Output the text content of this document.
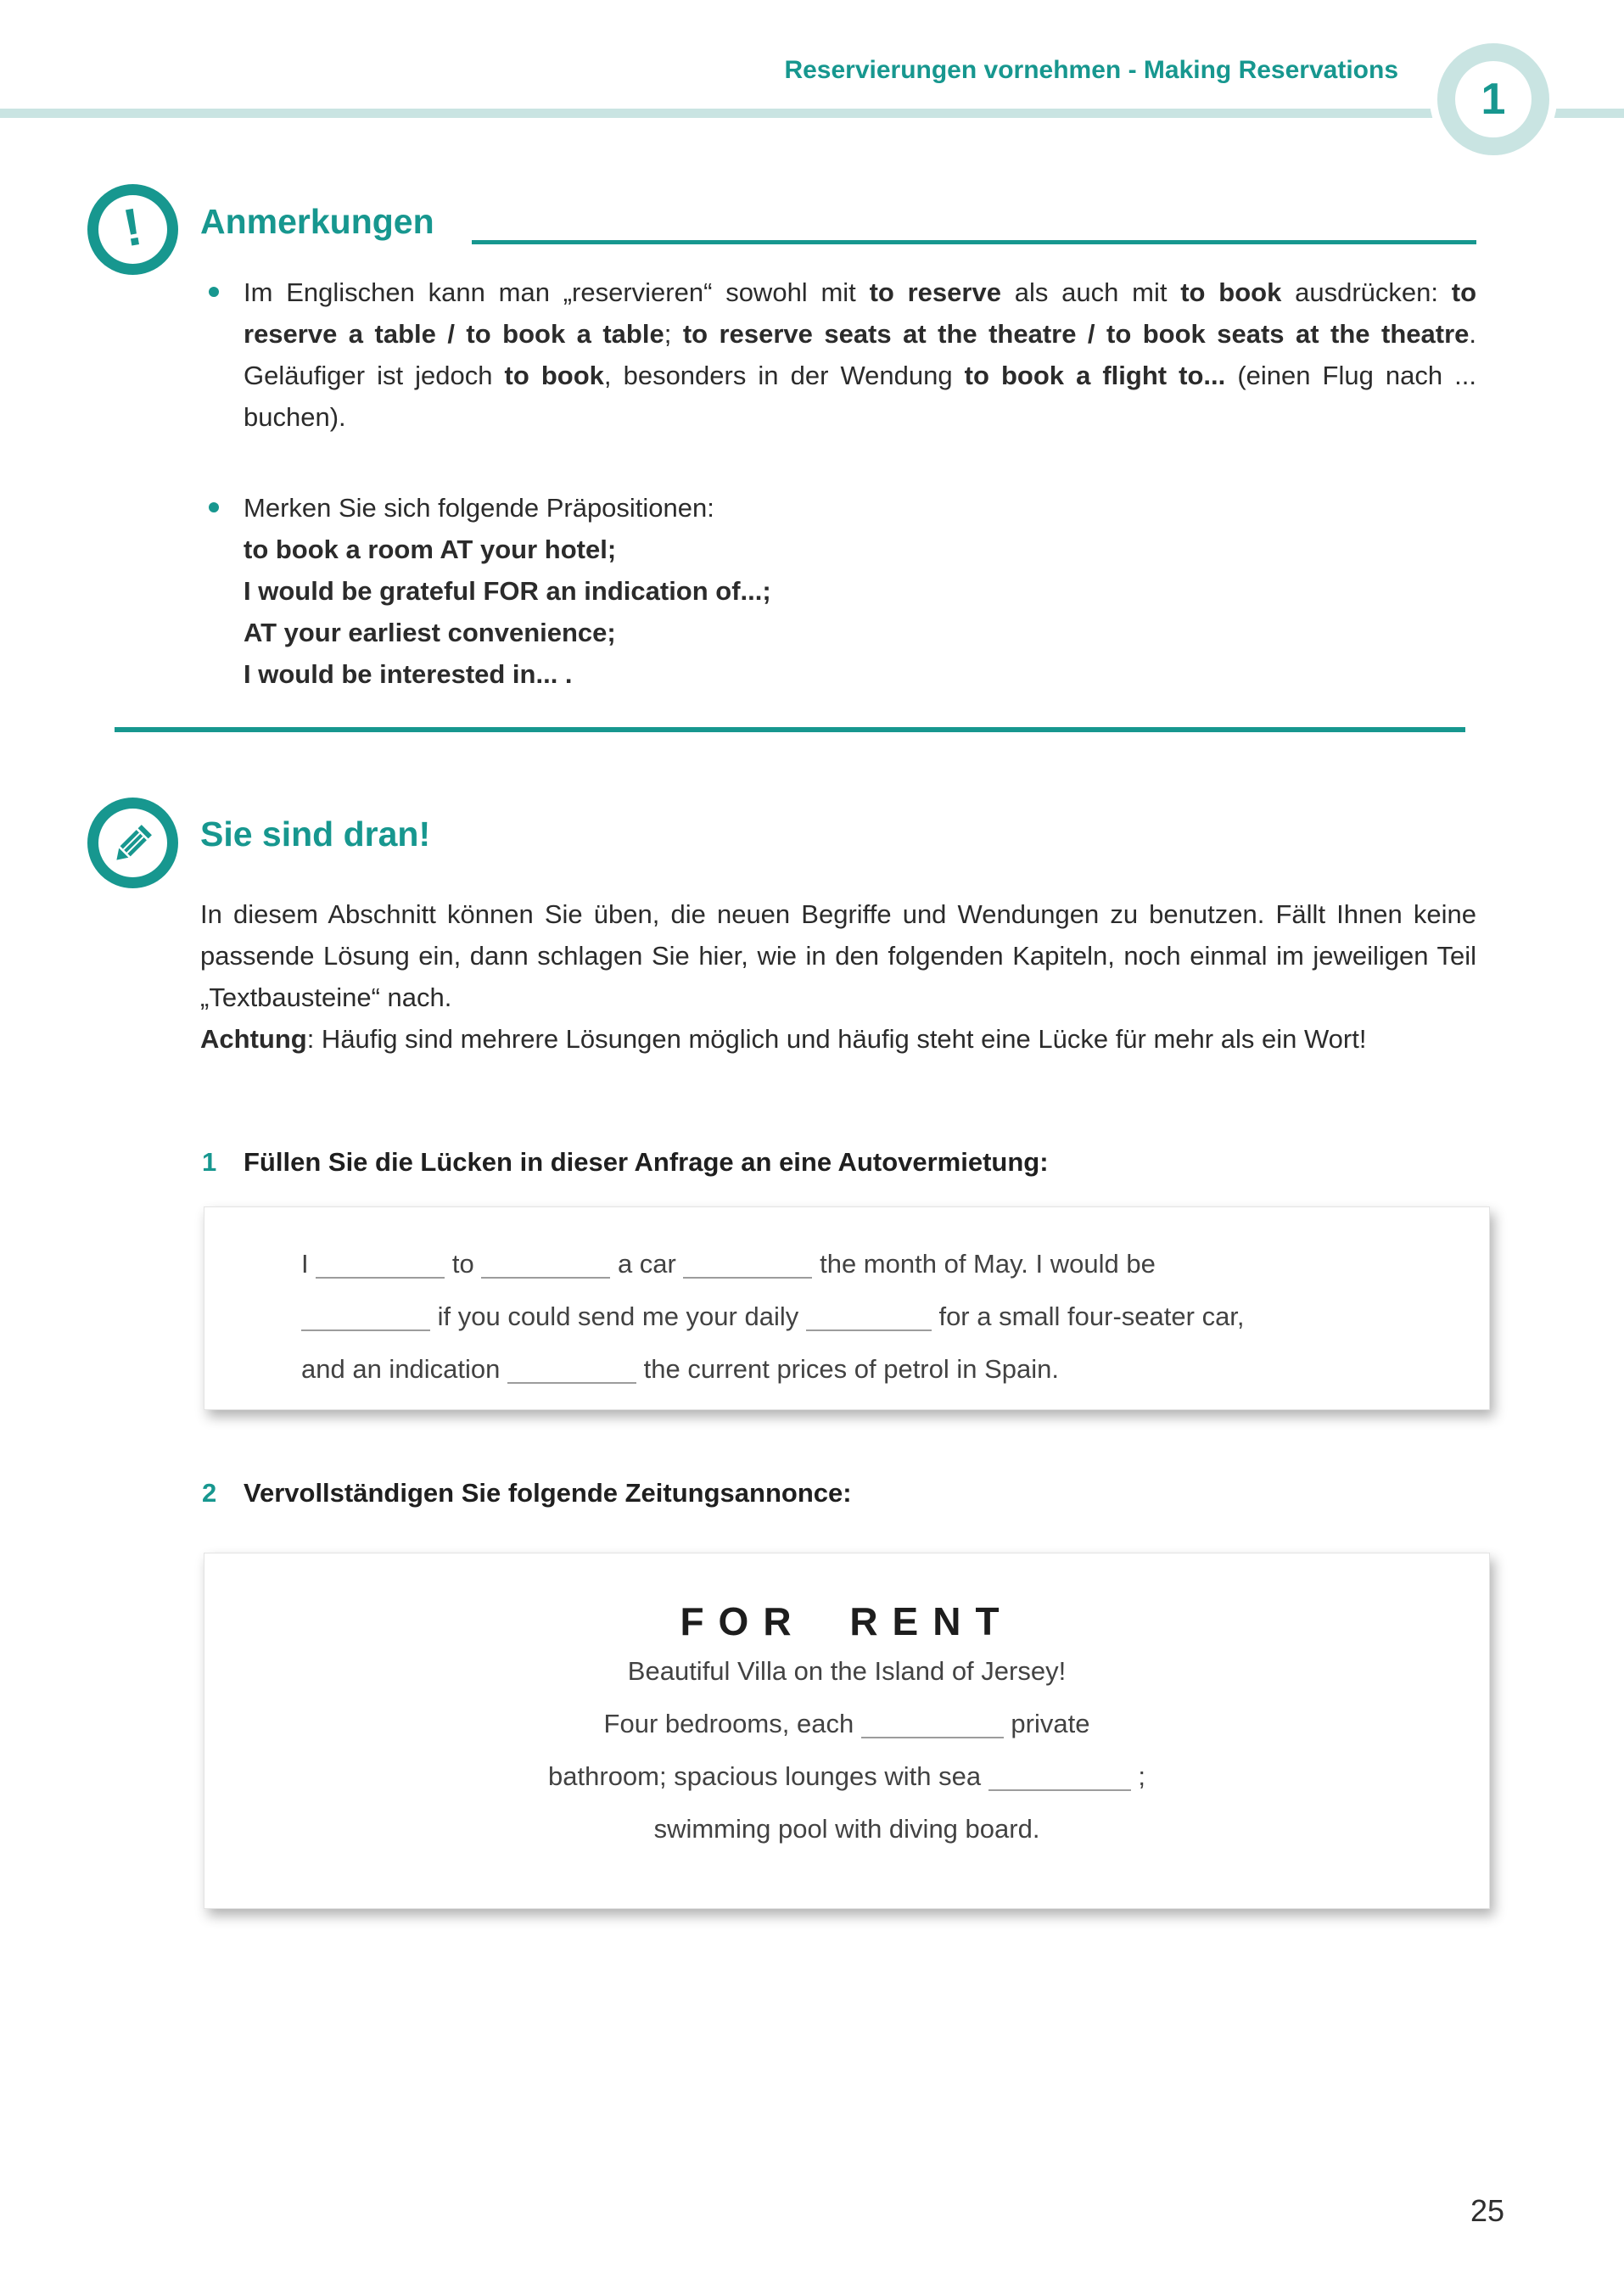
Reservierungen vornehmen - Making Reservations
1
! Anmerkungen
Im Englischen kann man „reservieren“ sowohl mit to reserve als auch mit to book ausdrücken: to reserve a table / to book a table; to reserve seats at the theatre / to book seats at the theatre. Geläufiger ist jedoch to book, besonders in der Wendung to book a flight to... (einen Flug nach ... buchen).
Merken Sie sich folgende Präpositionen:
to book a room AT your hotel;
I would be grateful FOR an indication of...;
AT your earliest convenience;
I would be interested in... .
Sie sind dran!
In diesem Abschnitt können Sie üben, die neuen Begriffe und Wendungen zu benutzen. Fällt Ihnen keine passende Lösung ein, dann schlagen Sie hier, wie in den folgenden Kapiteln, noch einmal im jeweiligen Teil „Textbausteine“ nach.
Achtung: Häufig sind mehrere Lösungen möglich und häufig steht eine Lücke für mehr als ein Wort!
1	Füllen Sie die Lücken in dieser Anfrage an eine Autovermietung:
I	to	a car	the month of May. I would be
if you could send me your daily	for a small four-seater car,
and an indication	the current prices of petrol in Spain.
2	Vervollständigen Sie folgende Zeitungsannonce:
FOR RENT
Beautiful Villa on the Island of Jersey!
Four bedrooms, each	private
bathroom; spacious lounges with sea	;
swimming pool with diving board.
25
